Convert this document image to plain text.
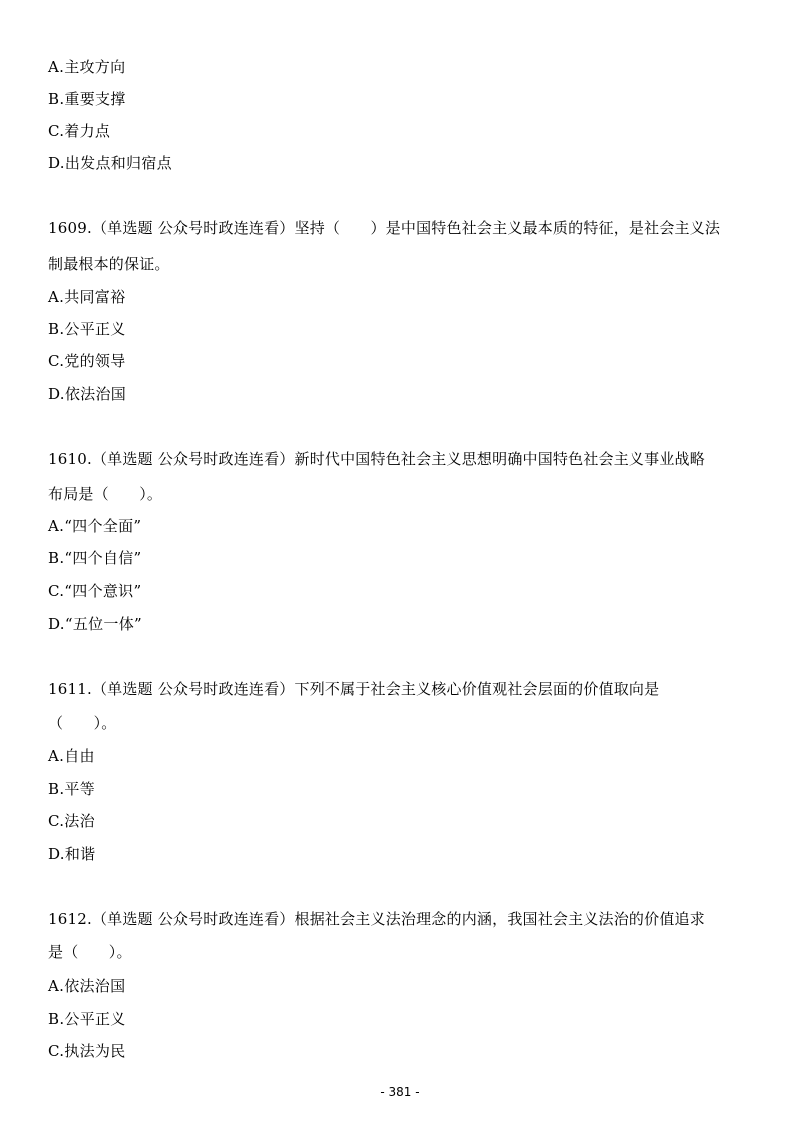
A.主攻方向
B.重要支撑
C.着力点
D.出发点和归宿点
1609.（单选题 公众号时政连连看）坚持（　　）是中国特色社会主义最本质的特征，是社会主义法
制最根本的保证。
A.共同富裕
B.公平正义
C.党的领导
D.依法治国
1610.（单选题 公众号时政连连看）新时代中国特色社会主义思想明确中国特色社会主义事业战略
布局是（　　）。
A.“四个全面”
B.“四个自信”
C.“四个意识”
D.“五位一体”
1611.（单选题 公众号时政连连看）下列不属于社会主义核心价值观社会层面的价值取向是
（　　）。
A.自由
B.平等
C.法治
D.和谐
1612.（单选题 公众号时政连连看）根据社会主义法治理念的内涵，我国社会主义法治的价值追求
是（　　）。
A.依法治国
B.公平正义
C.执法为民
- 381 -
